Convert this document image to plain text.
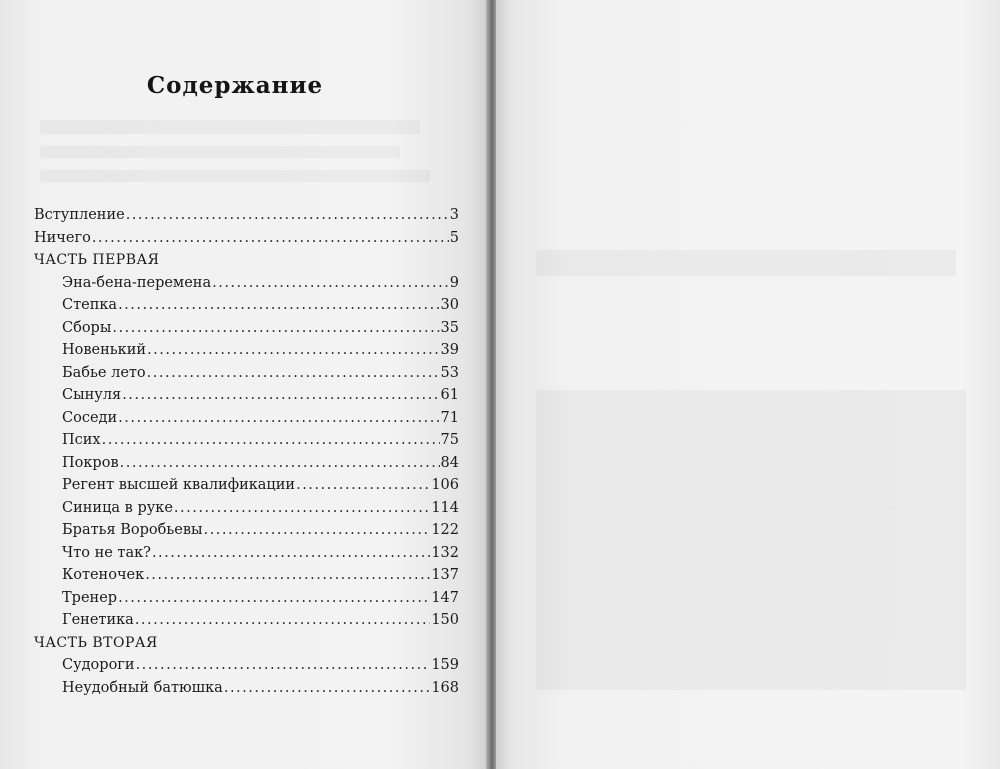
Содержание
Вступление .....	3
Ничего .....	5
ЧАСТЬ ПЕРВАЯ
Эна-бена-перемена .....	9
Степка .....	30
Сборы .....	35
Новенький .....	39
Бабье лето .....	53
Сынуля .....	61
Соседи .....	71
Псих .....	75
Покров .....	84
Регент высшей квалификации .....	106
Синица в руке .....	114
Братья Воробьевы .....	122
Что не так? .....	132
Котеночек .....	137
Тренер .....	147
Генетика .....	150
ЧАСТЬ ВТОРАЯ
Судороги .....	159
Неудобный батюшка .....	168
